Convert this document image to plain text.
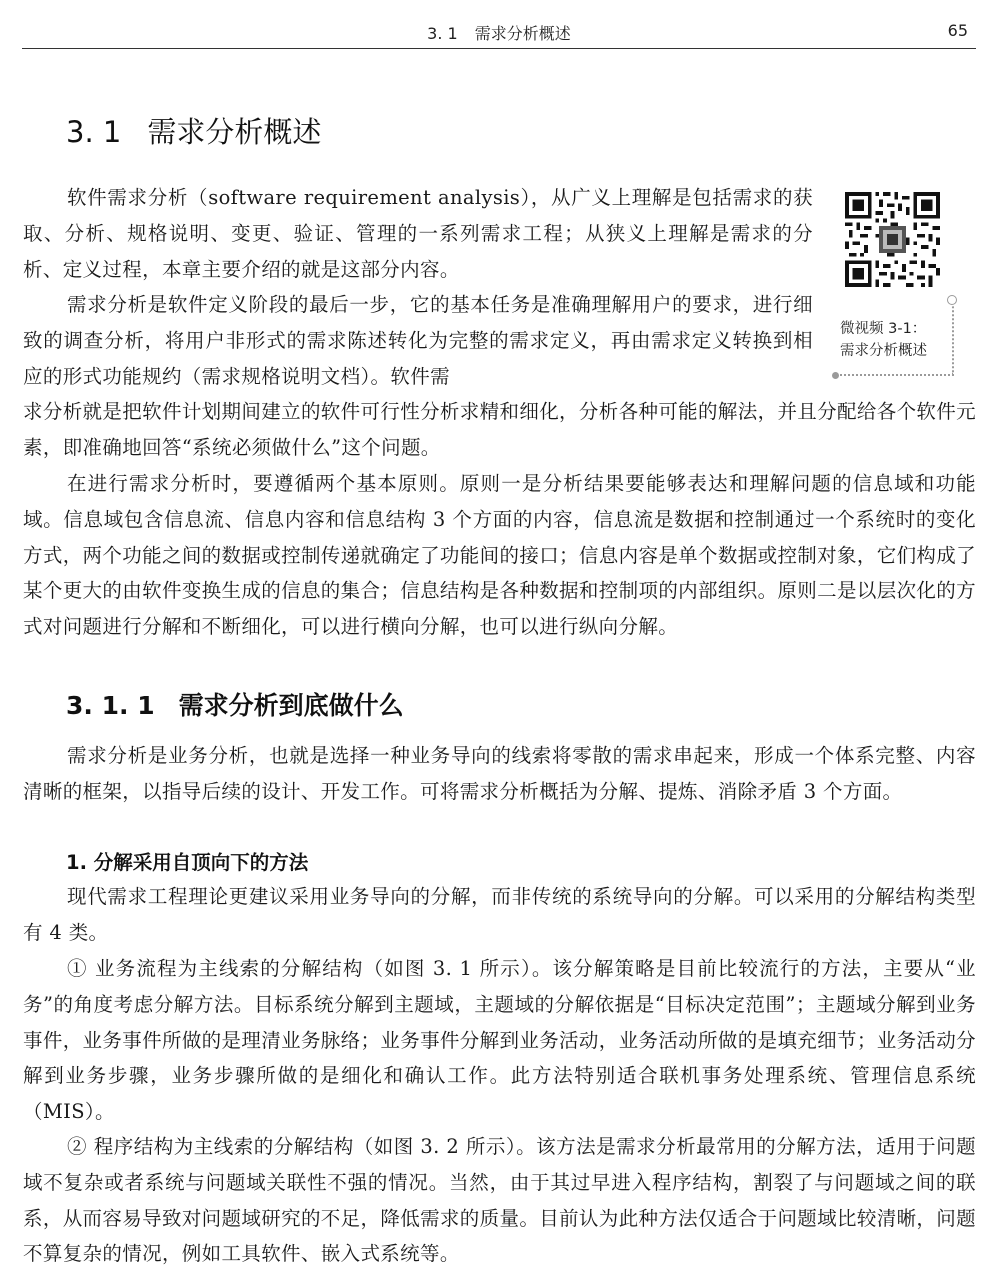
3. 1 需求分析概述	65
3. 1 需求分析概述
软件需求分析（software requirement analysis），从广义上理解是包括需求的获取、分析、规格说明、变更、验证、管理的一系列需求工程；从狭义上理解是需求的分析、定义过程，本章主要介绍的就是这部分内容。
需求分析是软件定义阶段的最后一步，它的基本任务是准确理解用户的要求，进行细致的调查分析，将用户非形式的需求陈述转化为完整的需求定义，再由需求定义转换到相应的形式功能规约（需求规格说明文档）。软件需
求分析就是把软件计划期间建立的软件可行性分析求精和细化，分析各种可能的解法，并且分配给各个软件元素，即准确地回答“系统必须做什么”这个问题。
在进行需求分析时，要遵循两个基本原则。原则一是分析结果要能够表达和理解问题的信息域和功能域。信息域包含信息流、信息内容和信息结构 3 个方面的内容，信息流是数据和控制通过一个系统时的变化方式，两个功能之间的数据或控制传递就确定了功能间的接口；信息内容是单个数据或控制对象，它们构成了某个更大的由软件变换生成的信息的集合；信息结构是各种数据和控制项的内部组织。原则二是以层次化的方式对问题进行分解和不断细化，可以进行横向分解，也可以进行纵向分解。
微视频 3-1：
需求分析概述
3. 1. 1 需求分析到底做什么
需求分析是业务分析，也就是选择一种业务导向的线索将零散的需求串起来，形成一个体系完整、内容清晰的框架，以指导后续的设计、开发工作。可将需求分析概括为分解、提炼、消除矛盾 3 个方面。
1. 分解采用自顶向下的方法
现代需求工程理论更建议采用业务导向的分解，而非传统的系统导向的分解。可以采用的分解结构类型有 4 类。
① 业务流程为主线索的分解结构（如图 3. 1 所示）。该分解策略是目前比较流行的方法，主要从“业务”的角度考虑分解方法。目标系统分解到主题域，主题域的分解依据是“目标决定范围”；主题域分解到业务事件，业务事件所做的是理清业务脉络；业务事件分解到业务活动，业务活动所做的是填充细节；业务活动分解到业务步骤，业务步骤所做的是细化和确认工作。此方法特别适合联机事务处理系统、管理信息系统（MIS）。
② 程序结构为主线索的分解结构（如图 3. 2 所示）。该方法是需求分析最常用的分解方法，适用于问题域不复杂或者系统与问题域关联性不强的情况。当然，由于其过早进入程序结构，割裂了与问题域之间的联系，从而容易导致对问题域研究的不足，降低需求的质量。目前认为此种方法仅适合于问题域比较清晰，问题不算复杂的情况，例如工具软件、嵌入式系统等。
